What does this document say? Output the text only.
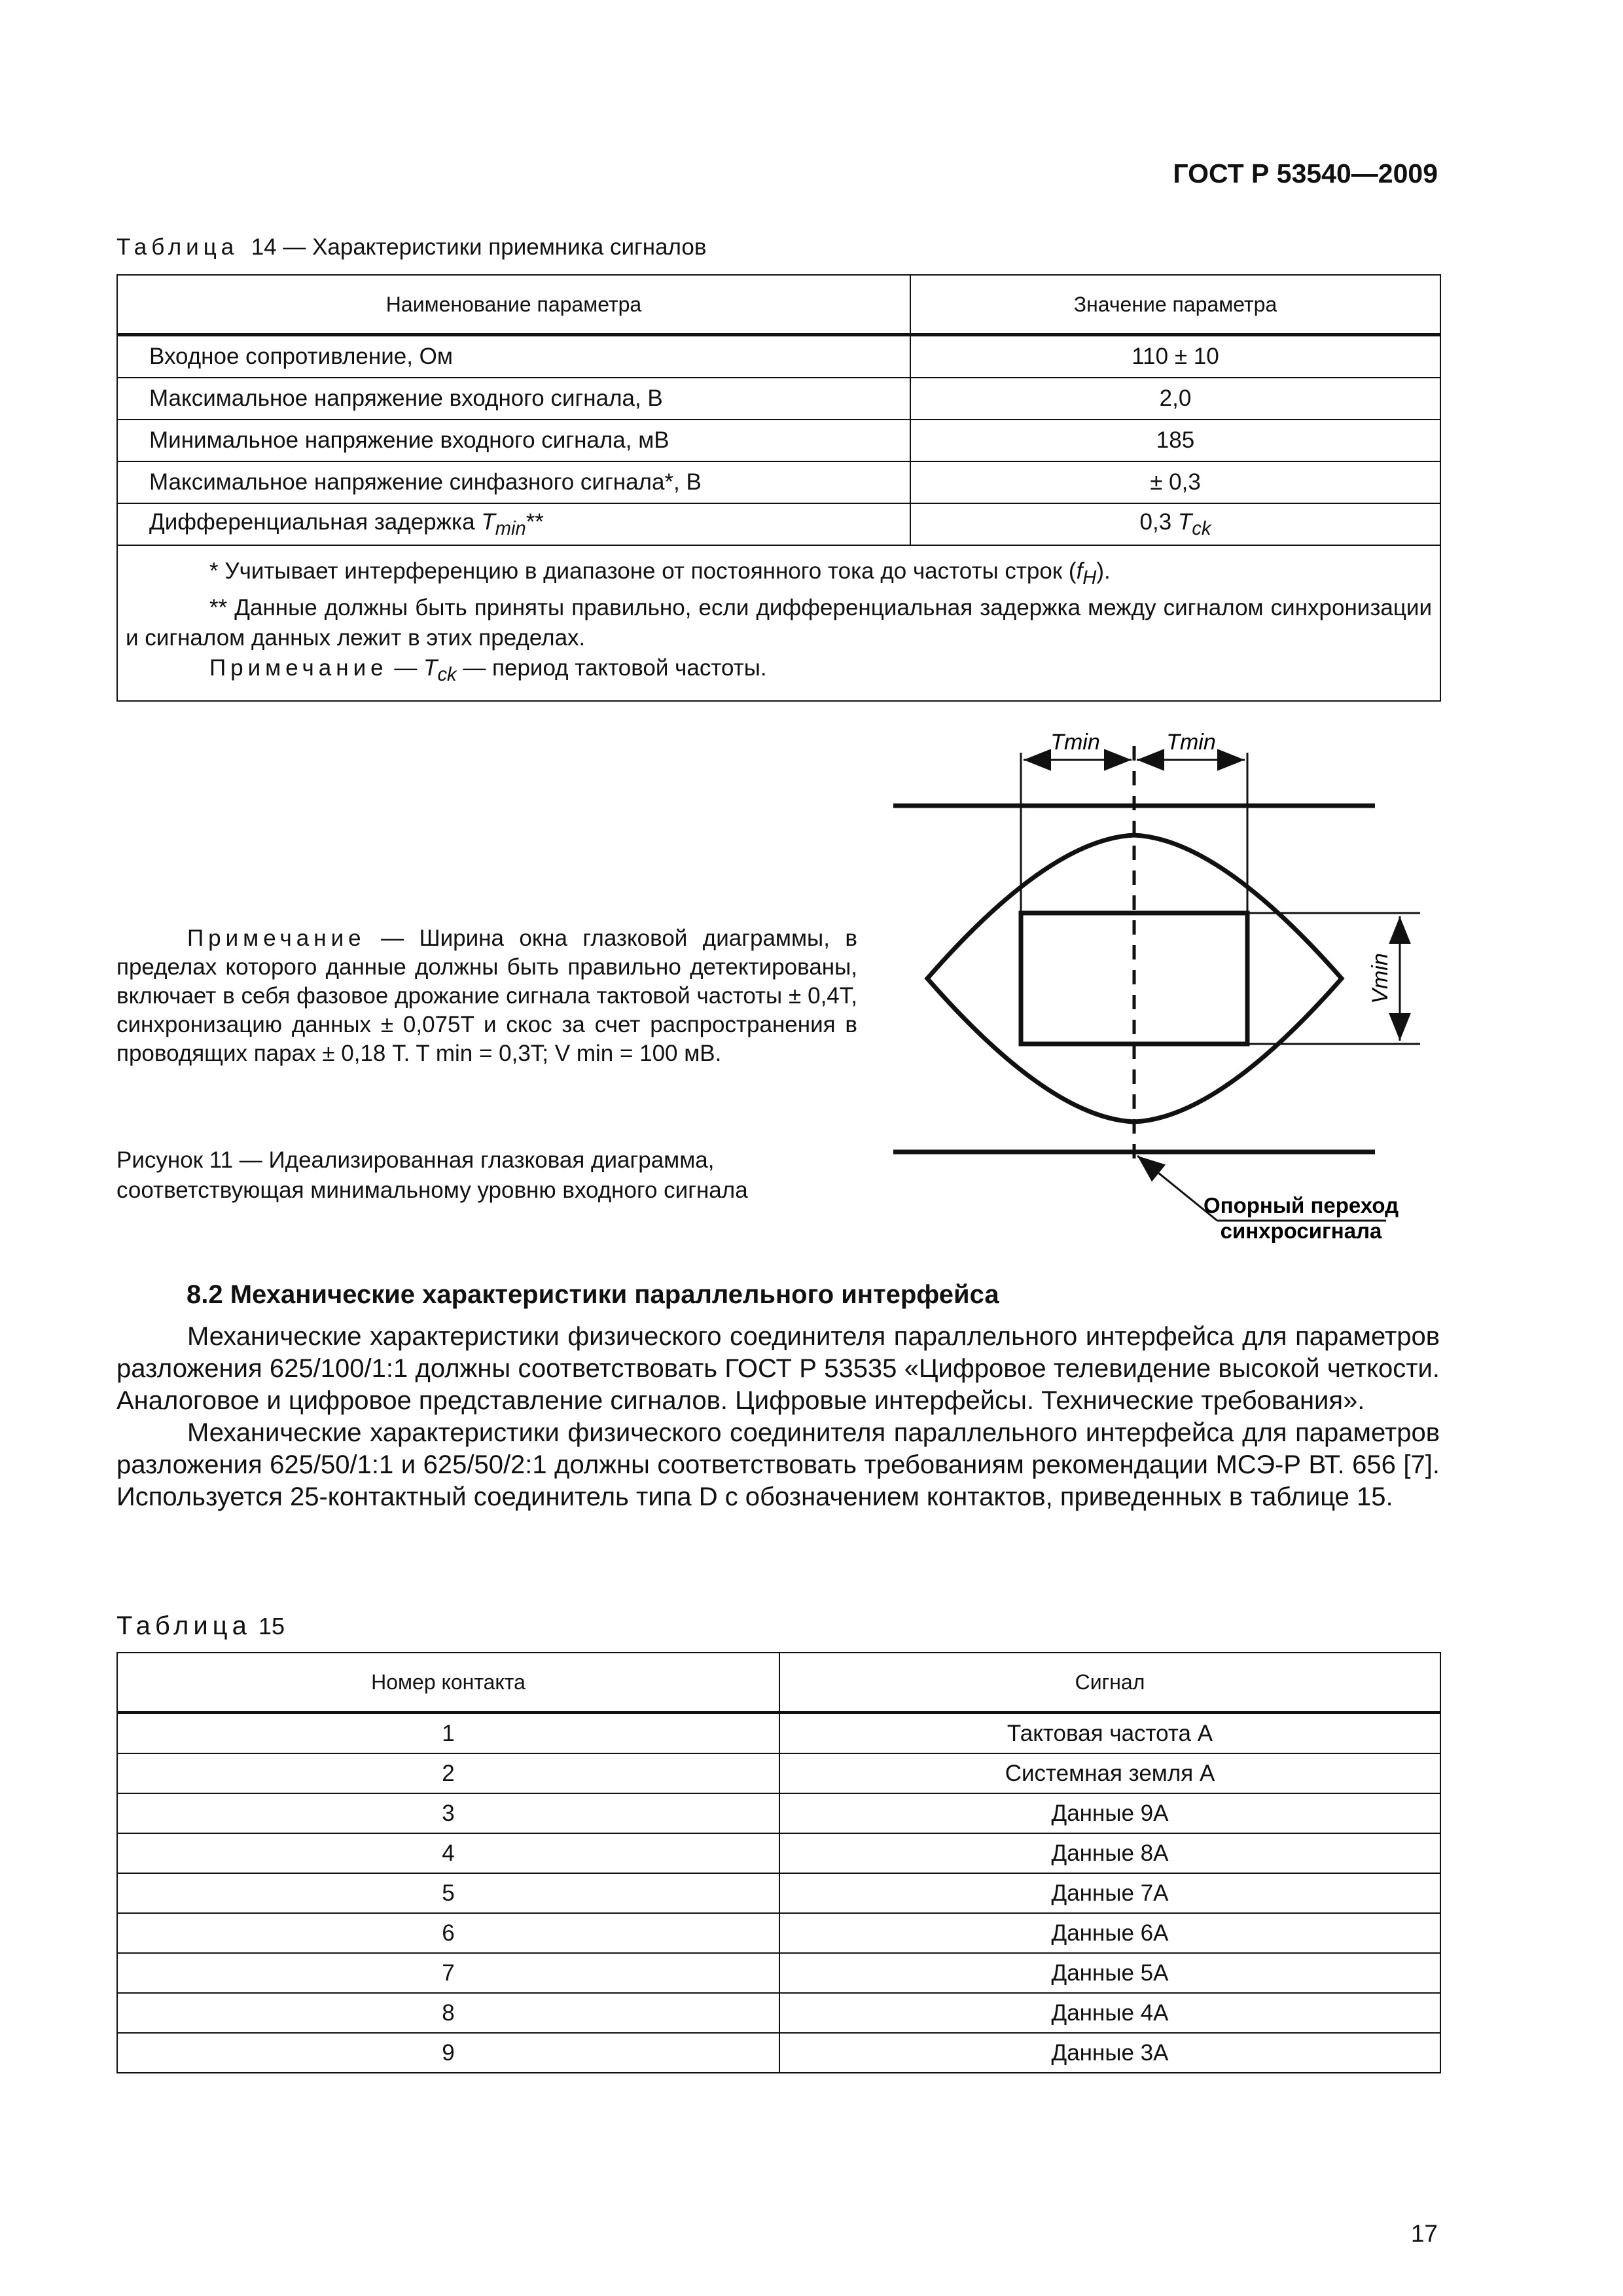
ГОСТ Р 53540—2009
Таблица 14 — Характеристики приемника сигналов
Наименование параметра	Значение параметра
Входное сопротивление, Ом	110 ± 10
Максимальное напряжение входного сигнала, В	2,0
Минимальное напряжение входного сигнала, мВ	185
Максимальное напряжение синфазного сигнала*, В	± 0,3
Дифференциальная задержка $T_{min}**$	0,3 $T_{ck}$

* Учитывает интерференцию в диапазоне от постоянного тока до частоты строк $(f_H)$.
** Данные должны быть приняты правильно, если дифференциальная задержка между сигналом синхронизации и сигналом данных лежит в этих пределах.
Примечание — $T_{ck}$ — период тактовой частоты.	
Примечание — Ширина окна глазковой диаграммы, в пределах которого данные должны быть правильно детектированы, включает в себя фазовое дрожание сигнала тактовой частоты ± 0,4T, синхронизацию данных ± 0,075T и скос за счет распространения в проводящих парах ± 0,18 T. T min = 0,3T; V min = 100 мВ.
Рисунок 11 — Идеализированная глазковая диаграмма, соответствующая минимальному уровню входного сигнала
Tmin	Tmin
Vmin
Опорный переход
синхросигнала
8.2 Механические характеристики параллельного интерфейса

Механические характеристики физического соединителя параллельного интерфейса для параметров разложения 625/100/1:1 должны соответствовать ГОСТ Р 53535 «Цифровое телевидение высокой четкости. Аналоговое и цифровое представление сигналов. Цифровые интерфейсы. Технические требования».

Механические характеристики физического соединителя параллельного интерфейса для параметров разложения 625/50/1:1 и 625/50/2:1 должны соответствовать требованиям рекомендации МСЭ-Р ВТ. 656 [7]. Используется 25-контактный соединитель типа D с обозначением контактов, приведенных в таблице 15.

Таблица 15
Номер контакта	Сигнал
1	Тактовая частота А
2	Системная земля А
3	Данные 9А
4	Данные 8А
5	Данные 7А
6	Данные 6А
7	Данные 5А
8	Данные 4А
9	Данные 3А
17
